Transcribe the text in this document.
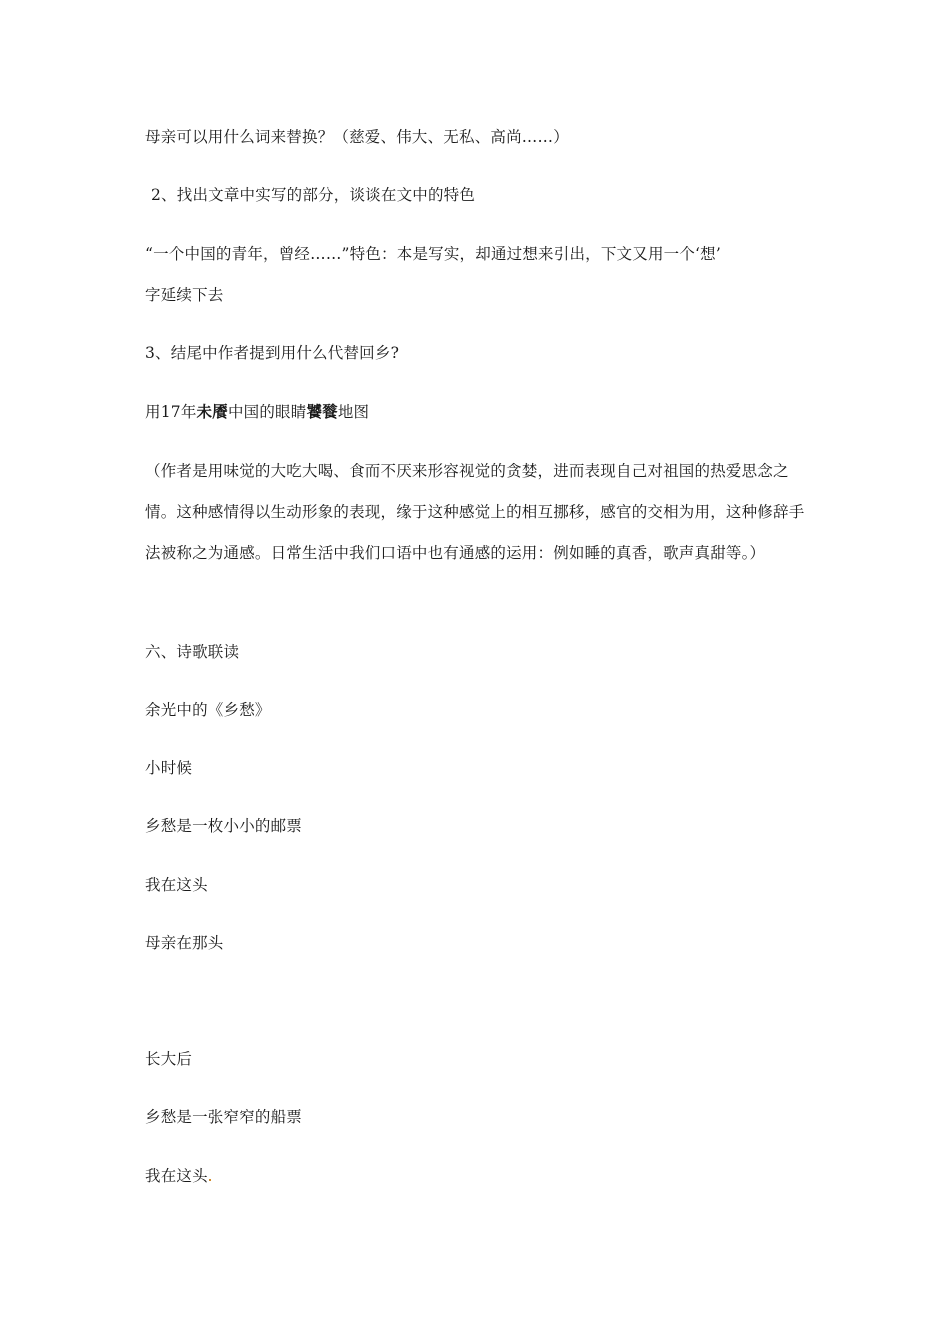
母亲可以用什么词来替换？（慈爱、伟大、无私、高尚……）
2、找出文章中实写的部分，谈谈在文中的特色
“一个中国的青年，曾经……”特色：本是写实，却通过想来引出，下文又用一个‘想’
字延续下去
3、结尾中作者提到用什么代替回乡?
用17年未餍中国的眼睛饕餮地图
（作者是用味觉的大吃大喝、食而不厌来形容视觉的贪婪，进而表现自己对祖国的热爱思念之情。这种感情得以生动形象的表现，缘于这种感觉上的相互挪移，感官的交相为用，这种修辞手法被称之为通感。日常生活中我们口语中也有通感的运用：例如睡的真香，歌声真甜等。）
六、诗歌联读
余光中的《乡愁》
小时候
乡愁是一枚小小的邮票
我在这头
母亲在那头
长大后
乡愁是一张窄窄的船票
我在这头
